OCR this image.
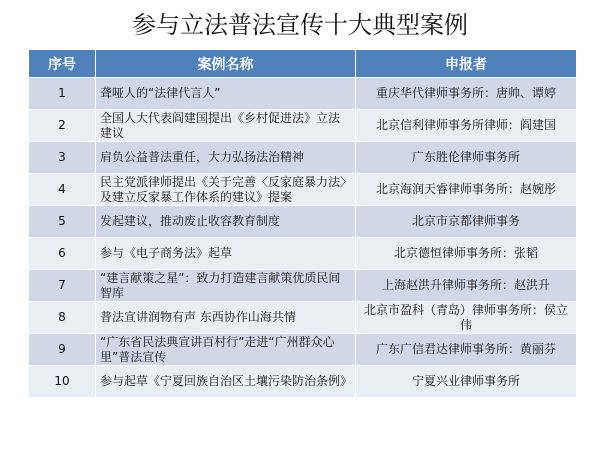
参与立法普法宣传十大典型案例
序号	案例名称	申报者
1	聋哑人的“法律代言人”	重庆华代律师事务所：唐帅、谭婷
2	全国人大代表阎建国提出《乡村促进法》立法建议	北京信利律师事务所律师：阎建国
3	肩负公益普法重任，大力弘扬法治精神	广东胜伦律师事务所
4	民主党派律师提出《关于完善〈反家庭暴力法〉及建立反家暴工作体系的建议》提案	北京海润天睿律师事务所：赵婉彤
5	发起建议，推动废止收容教育制度	北京市京都律师事务
6	参与《电子商务法》起草	北京德恒律师事务所：张韬
7	“建言献策之星”：致力打造建言献策优质民间智库	上海赵洪升律师事务所：赵洪升
8	普法宣讲润物有声 东西协作山海共情	北京市盈科（青岛）律师事务所：侯立伟
9	“广东省民法典宣讲百村行”走进“广州群众心里”普法宣传	广东广信君达律师事务所：黄丽芬
10	参与起草《宁夏回族自治区土壤污染防治条例》	宁夏兴业律师事务所
